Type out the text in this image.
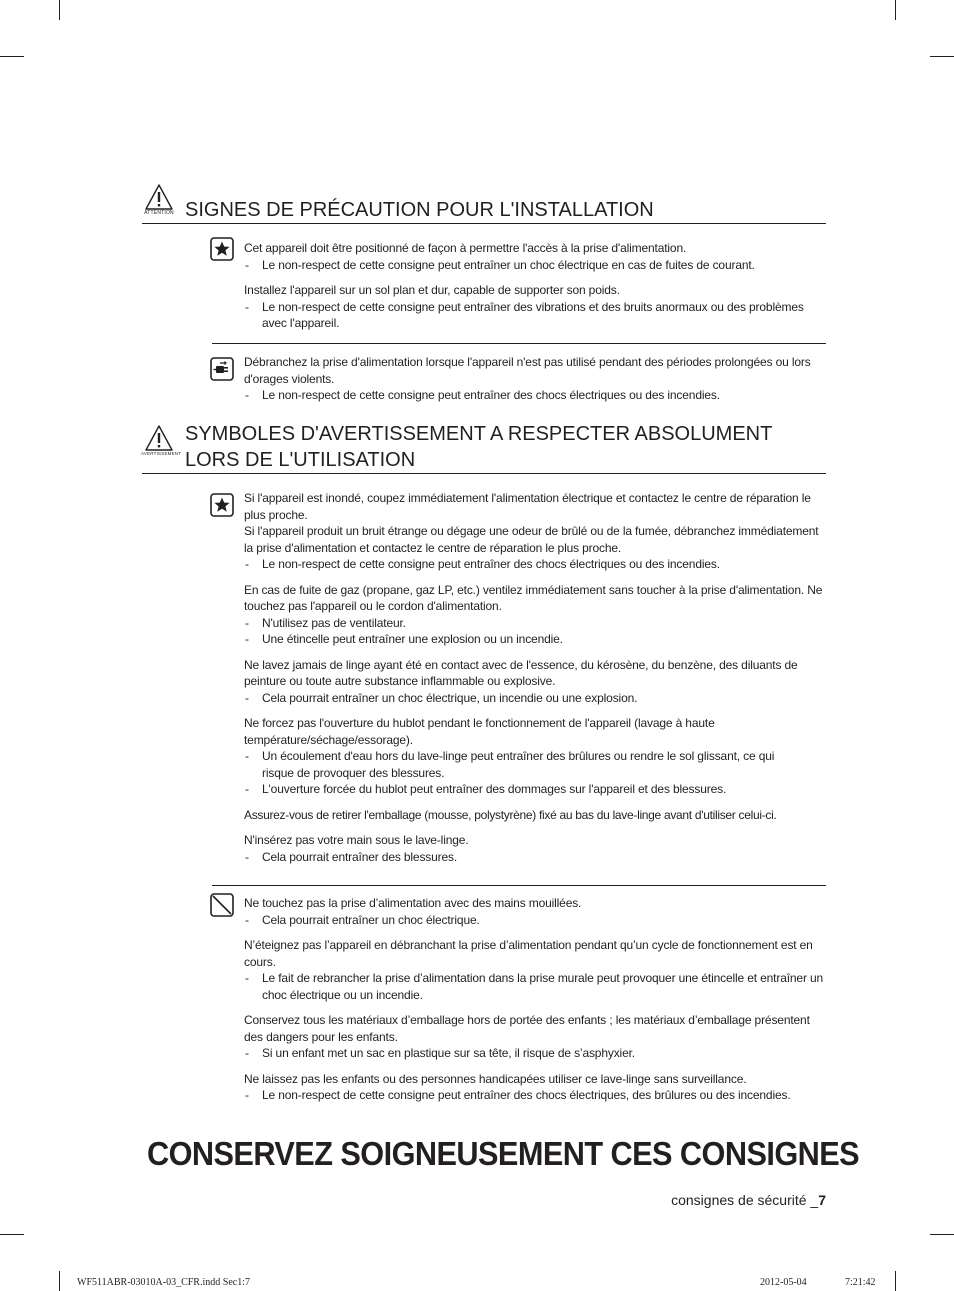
ATTENTION SIGNES DE PRÉCAUTION POUR L'INSTALLATION

Cet appareil doit être positionné de façon à permettre l'accès à la prise d'alimentation.

- Le non-respect de cette consigne peut entraîner un choc électrique en cas de fuites de courant.

Installez l'appareil sur un sol plan et dur, capable de supporter son poids.

- Le non-respect de cette consigne peut entraîner des vibrations et des bruits anormaux ou des problèmes avec l'appareil.

Débranchez la prise d'alimentation lorsque l'appareil n'est pas utilisé pendant des périodes prolongées ou lors d'orages violents.

- Le non-respect de cette consigne peut entraîner des chocs électriques ou des incendies.

AVERTISSEMENT
SYMBOLES D'AVERTISSEMENT A RESPECTER ABSOLUMENT
LORS DE L'UTILISATION

Si l'appareil est inondé, coupez immédiatement l'alimentation électrique et contactez le centre de réparation le plus proche.

Si l'appareil produit un bruit étrange ou dégage une odeur de brûlé ou de la fumée, débranchez immédiatement la prise d'alimentation et contactez le centre de réparation le plus proche.

- Le non-respect de cette consigne peut entraîner des chocs électriques ou des incendies.

En cas de fuite de gaz (propane, gaz LP, etc.) ventilez immédiatement sans toucher à la prise d'alimentation. Ne touchez pas l'appareil ou le cordon d'alimentation.

- N'utilisez pas de ventilateur.

- Une étincelle peut entraîner une explosion ou un incendie.

Ne lavez jamais de linge ayant été en contact avec de l'essence, du kérosène, du benzène, des diluants de peinture ou toute autre substance inflammable ou explosive.

- Cela pourrait entraîner un choc électrique, un incendie ou une explosion.

Ne forcez pas l'ouverture du hublot pendant le fonctionnement de l'appareil (lavage à haute température/séchage/essorage).

- Un écoulement d'eau hors du lave-linge peut entraîner des brûlures ou rendre le sol glissant, ce qui risque de provoquer des blessures.

- L'ouverture forcée du hublot peut entraîner des dommages sur l'appareil et des blessures.

Assurez-vous de retirer l'emballage (mousse, polystyrène) fixé au bas du lave-linge avant d'utiliser celui-ci.

N'insérez pas votre main sous le lave-linge.

- Cela pourrait entraîner des blessures.

Ne touchez pas la prise d’alimentation avec des mains mouillées.

- Cela pourrait entraîner un choc électrique.

N’éteignez pas l’appareil en débranchant la prise d’alimentation pendant qu’un cycle de fonctionnement est en cours.

- Le fait de rebrancher la prise d’alimentation dans la prise murale peut provoquer une étincelle et entraîner un choc électrique ou un incendie.

Conservez tous les matériaux d’emballage hors de portée des enfants ; les matériaux d’emballage présentent des dangers pour les enfants.

- Si un enfant met un sac en plastique sur sa tête, il risque de s’asphyxier.

Ne laissez pas les enfants ou des personnes handicapées utiliser ce lave-linge sans surveillance.

- Le non-respect de cette consigne peut entraîner des chocs électriques, des brûlures ou des incendies.

CONSERVEZ SOIGNEUSEMENT CES CONSIGNES
consignes de sécurité _7
WF511ABR-03010A-03_CFR.indd Sec1:7	2012-05-04	7:21:42
